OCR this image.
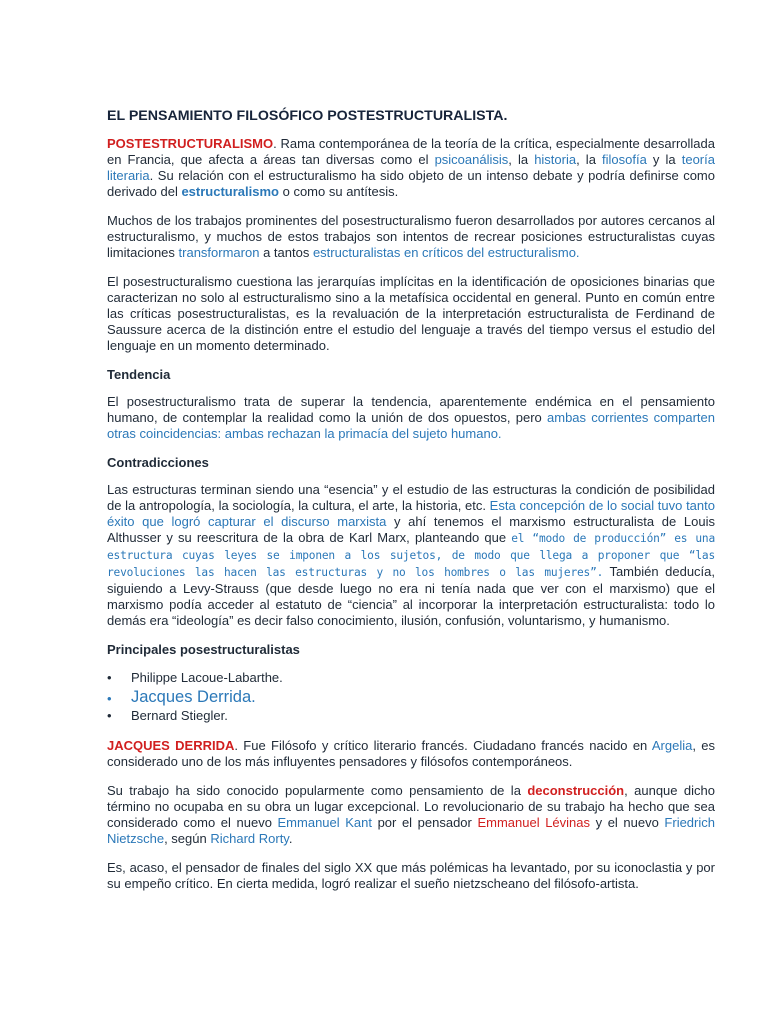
EL PENSAMIENTO FILOSÓFICO POSTESTRUCTURALISTA.

POSTESTRUCTURALISMO. Rama contemporánea de la teoría de la crítica, especialmente desarrollada en Francia, que afecta a áreas tan diversas como el psicoanálisis, la historia, la filosofía y la teoría literaria. Su relación con el estructuralismo ha sido objeto de un intenso debate y podría definirse como derivado del estructuralismo o como su antítesis.

Muchos de los trabajos prominentes del posestructuralismo fueron desarrollados por autores cercanos al estructuralismo, y muchos de estos trabajos son intentos de recrear posiciones estructuralistas cuyas limitaciones transformaron a tantos estructuralistas en críticos del estructuralismo.

El posestructuralismo cuestiona las jerarquías implícitas en la identificación de oposiciones binarias que caracterizan no solo al estructuralismo sino a la metafísica occidental en general. Punto en común entre las críticas posestructuralistas, es la revaluación de la interpretación estructuralista de Ferdinand de Saussure acerca de la distinción entre el estudio del lenguaje a través del tiempo versus el estudio del lenguaje en un momento determinado.

Tendencia

El posestructuralismo trata de superar la tendencia, aparentemente endémica en el pensamiento humano, de contemplar la realidad como la unión de dos opuestos, pero ambas corrientes comparten otras coincidencias: ambas rechazan la primacía del sujeto humano.

Contradicciones

Las estructuras terminan siendo una “esencia” y el estudio de las estructuras la condición de posibilidad de la antropología, la sociología, la cultura, el arte, la historia, etc. Esta concepción de lo social tuvo tanto éxito que logró capturar el discurso marxista y ahí tenemos el marxismo estructuralista de Louis Althusser y su reescritura de la obra de Karl Marx, planteando que el “modo de producción” es una estructura cuyas leyes se imponen a los sujetos, de modo que llega a proponer que “las revoluciones las hacen las estructuras y no los hombres o las mujeres”. También deducía, siguiendo a Levy-Strauss (que desde luego no era ni tenía nada que ver con el marxismo) que el marxismo podía acceder al estatuto de “ciencia” al incorporar la interpretación estructuralista: todo lo demás era “ideología” es decir falso conocimiento, ilusión, confusión, voluntarismo, y humanismo.

Principales posestructuralistas
• Philippe Lacoue-Labarthe.
• Jacques Derrida.
• Bernard Stiegler.

JACQUES DERRIDA. Fue Filósofo y crítico literario francés. Ciudadano francés nacido en Argelia, es considerado uno de los más influyentes pensadores y filósofos contemporáneos.

Su trabajo ha sido conocido popularmente como pensamiento de la deconstrucción, aunque dicho término no ocupaba en su obra un lugar excepcional. Lo revolucionario de su trabajo ha hecho que sea considerado como el nuevo Emmanuel Kant por el pensador Emmanuel Lévinas y el nuevo Friedrich Nietzsche, según Richard Rorty.

Es, acaso, el pensador de finales del siglo XX que más polémicas ha levantado, por su iconoclastia y por su empeño crítico. En cierta medida, logró realizar el sueño nietzscheano del filósofo-artista.
